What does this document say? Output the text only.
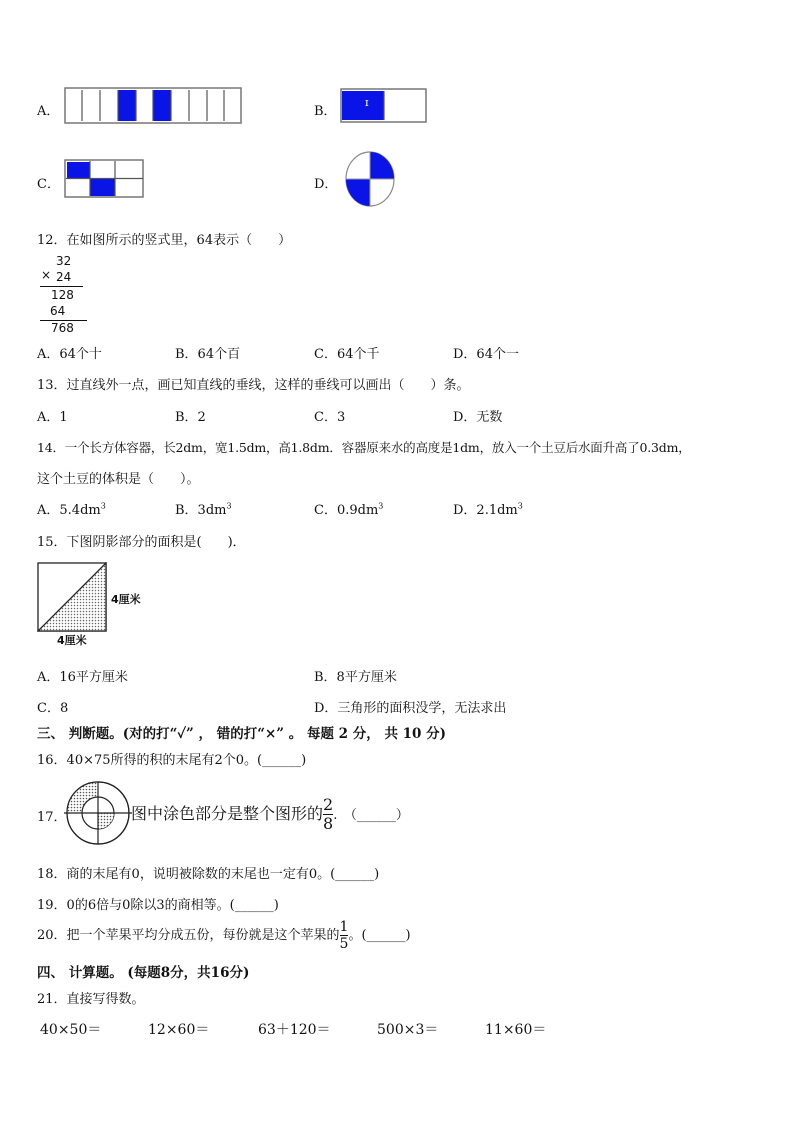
A．	B．
ɪ
C．	D．
12．在如图所示的竖式里，64表示（　　）
32
× 24
128
64
768
A．64个十	B．64个百	C．64个千	D．64个一
13．过直线外一点，画已知直线的垂线，这样的垂线可以画出（　　）条。
A．1	B．2	C．3	D．无数
14．一个长方体容器，长2dm，宽1.5dm，高1.8dm．容器原来水的高度是1dm，放入一个土豆后水面升高了0.3dm，
这个土豆的体积是（　　）。
A．$5.4dm^3$	B．$3dm^3$	C．$0.9dm^3$	D．$2.1dm^3$
15．下图阴影部分的面积是(　　)．
4厘米
4厘米
A．16平方厘米	B．8平方厘米
C．8	D．三角形的面积没学，无法求出
三、 判断题。(对的打“✓” ， 错的打“×” 。 每题 2 分， 共 10 分)
16．40×75所得的积的末尾有2个0。(______)
17．	图中涂色部分是整个图形的 $\frac{2}{8}$ .　（______）
18．商的末尾有0，说明被除数的末尾也一定有0。(______)
19．0的6倍与0除以3的商相等。(______)
20．把一个苹果平均分成五份，每份就是这个苹果的 $\frac{1}{5}$ 。(______)
四、 计算题。 (每题8分，共16分)
21．直接写得数。
40×50＝	12×60＝	63＋120＝	500×3＝	11×60＝
